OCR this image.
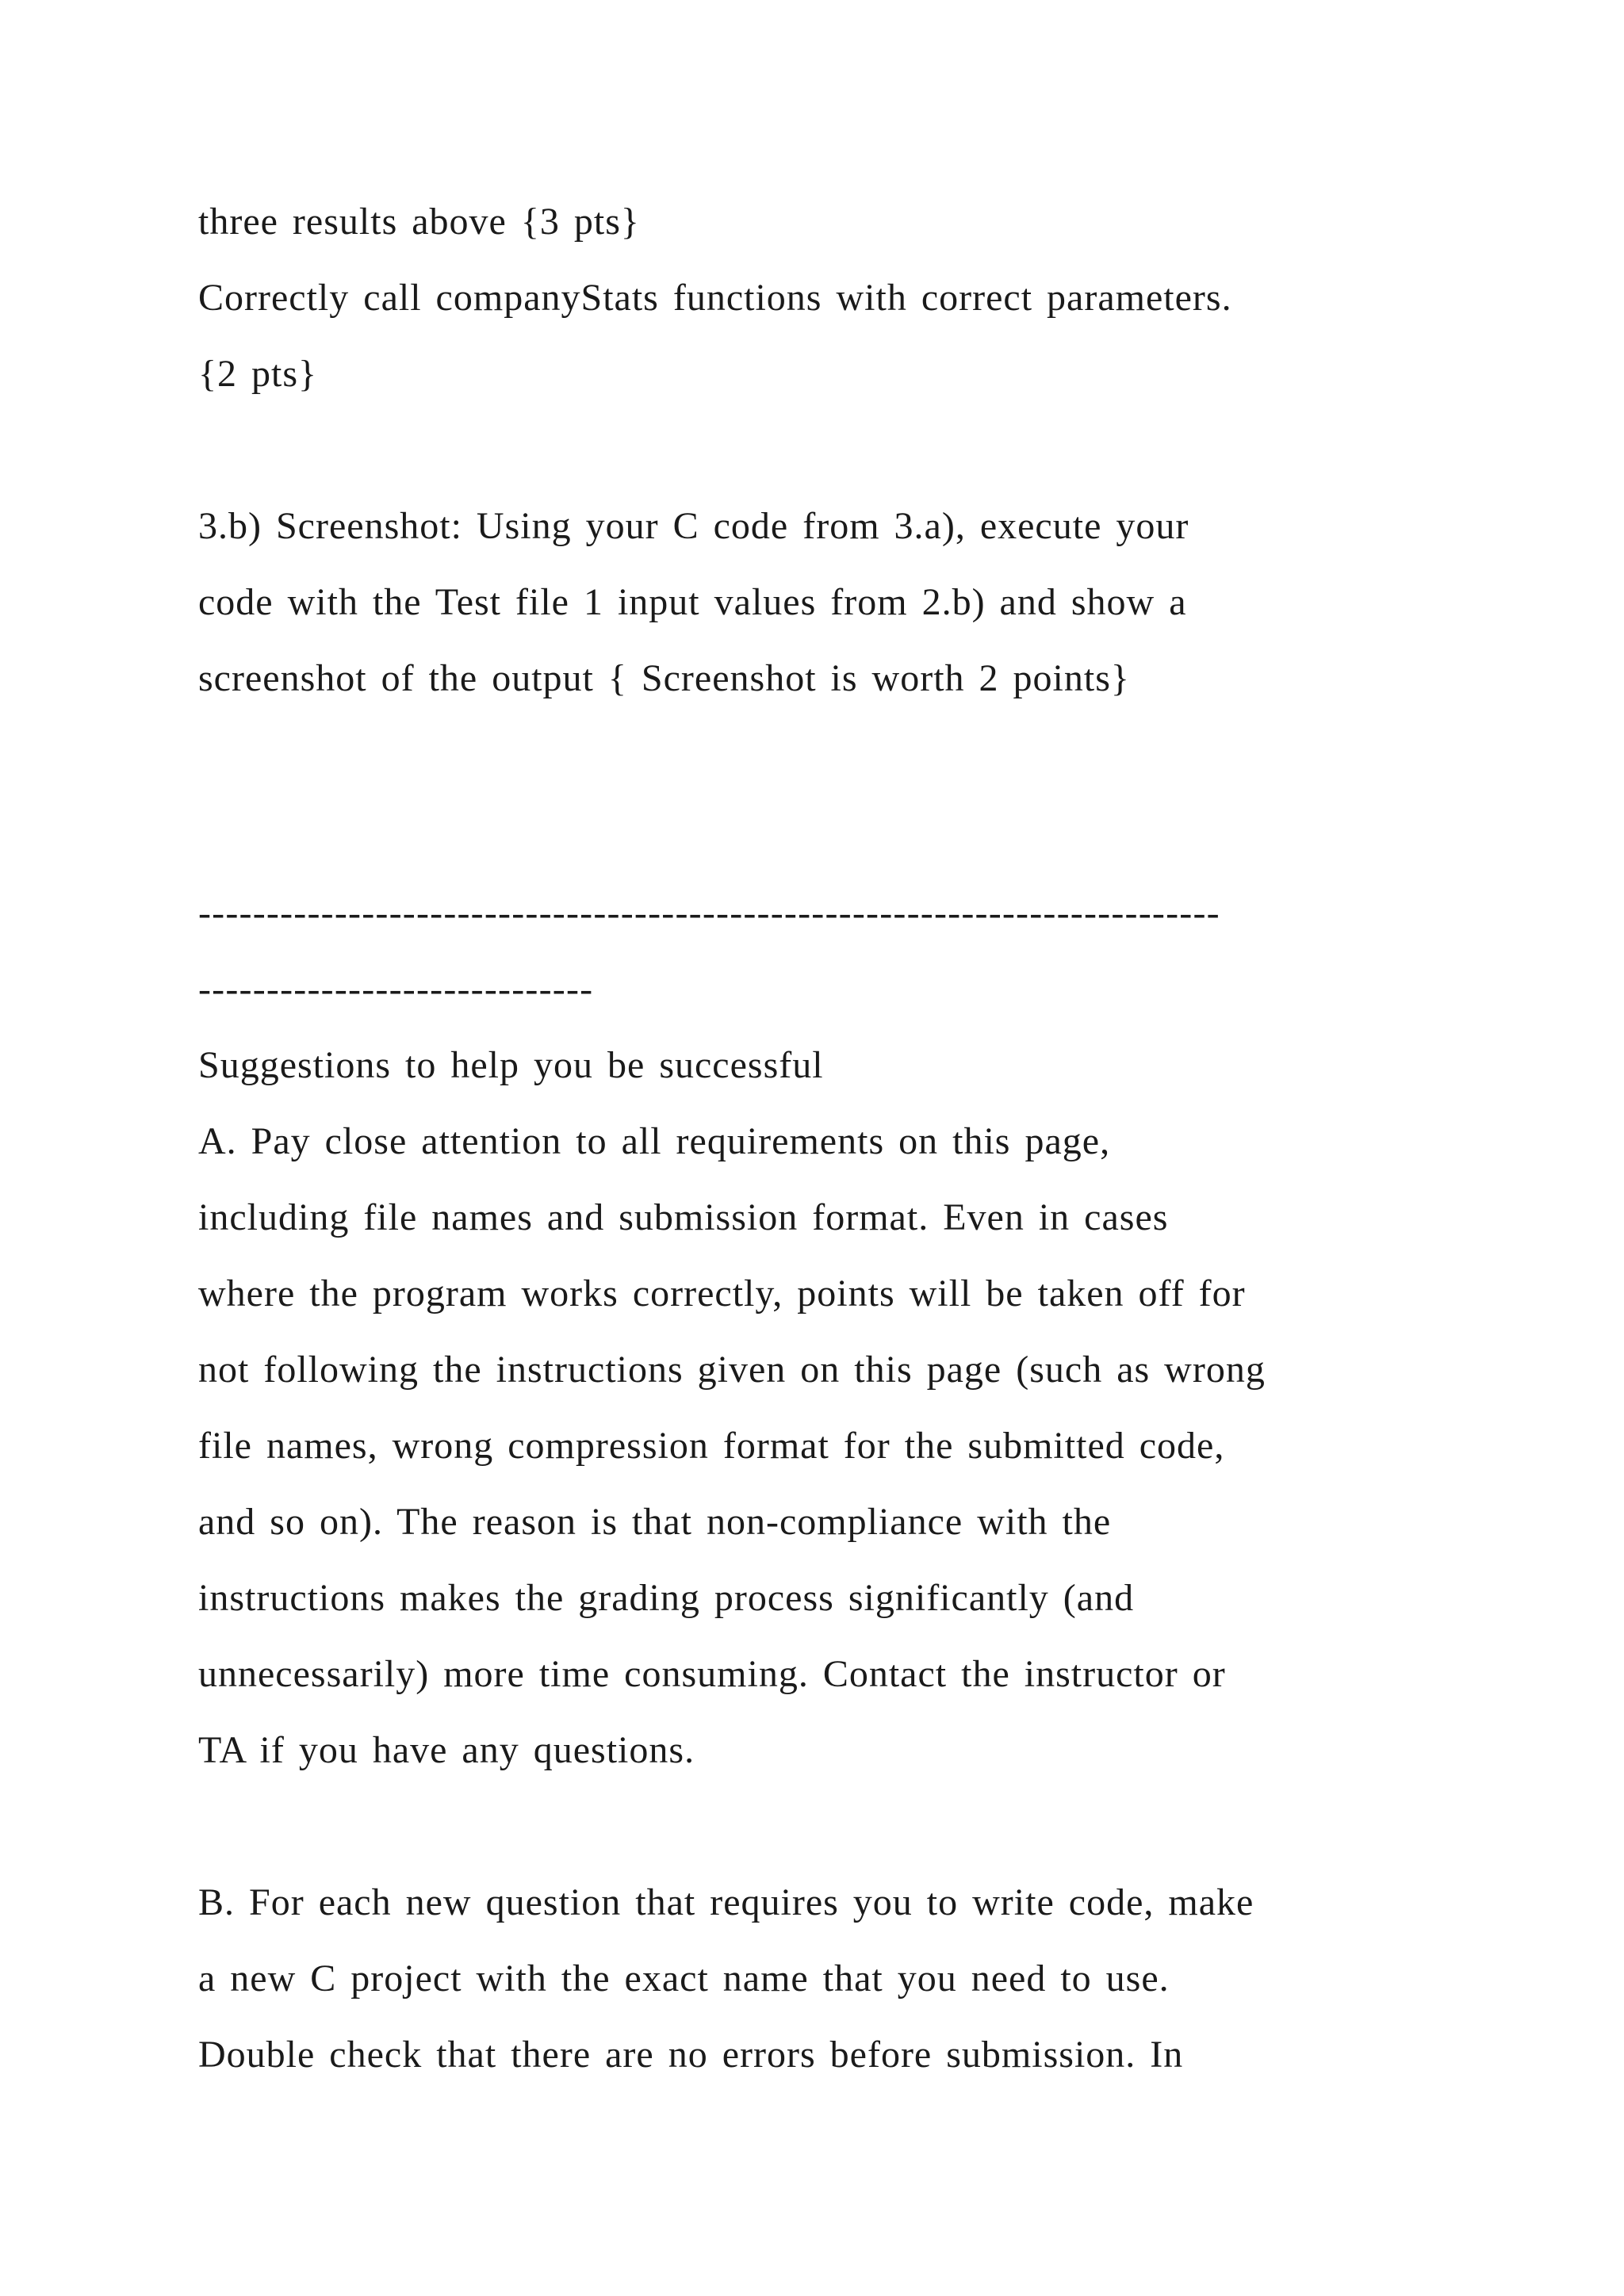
three results above {3 pts}

Correctly call companyStats functions with correct parameters.

{2 pts}

3.b) Screenshot: Using your C code from 3.a), execute your

code with the Test file 1 input values from 2.b) and show a

screenshot of the output { Screenshot is worth 2 points}

---------------------------------------------------------------------------

-----------------------------

Suggestions to help you be successful

A. Pay close attention to all requirements on this page,

including file names and submission format. Even in cases

where the program works correctly, points will be taken off for

not following the instructions given on this page (such as wrong

file names, wrong compression format for the submitted code,

and so on). The reason is that non-compliance with the

instructions makes the grading process significantly (and

unnecessarily) more time consuming. Contact the instructor or

TA if you have any questions.

B. For each new question that requires you to write code, make

a new C project with the exact name that you need to use.

Double check that there are no errors before submission. In
